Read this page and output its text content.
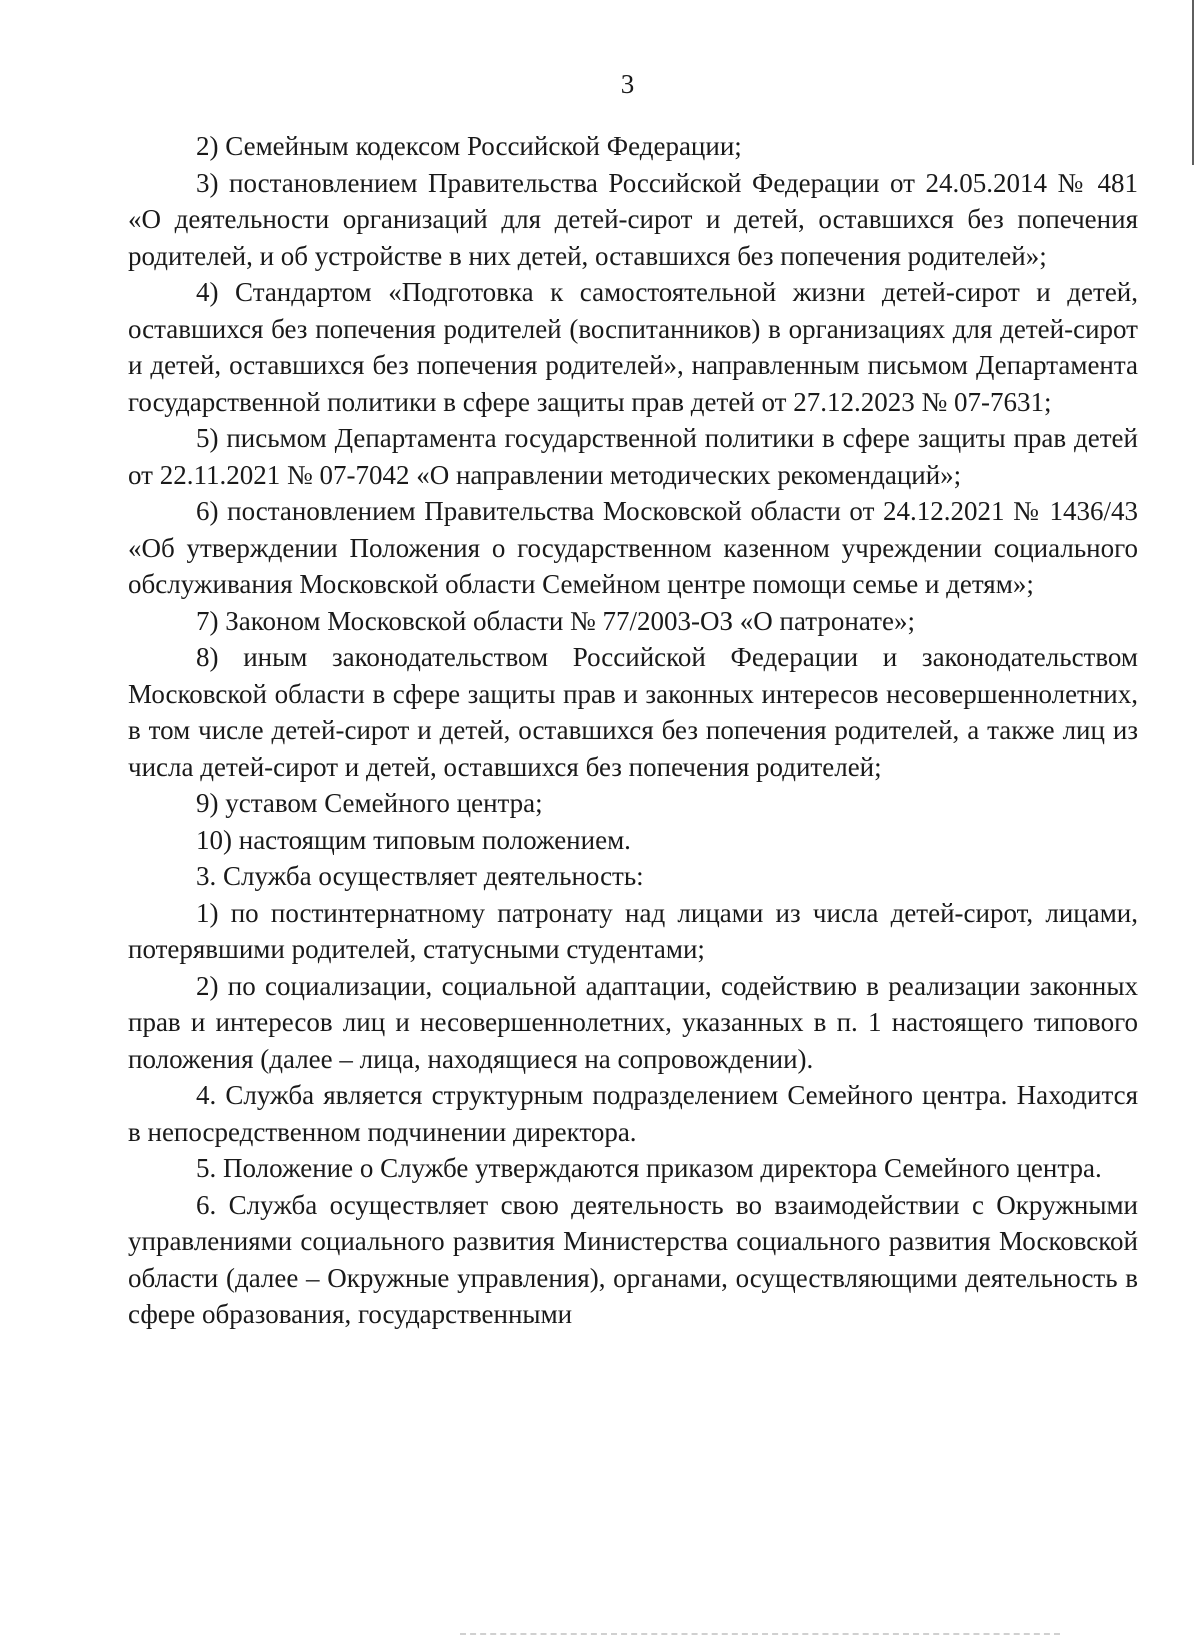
3

2) Семейным кодексом Российской Федерации;

3) постановлением Правительства Российской Федерации от 24.05.2014 № 481 «О деятельности организаций для детей-сирот и детей, оставшихся без попечения родителей, и об устройстве в них детей, оставшихся без попечения родителей»;

4) Стандартом «Подготовка к самостоятельной жизни детей-сирот и детей, оставшихся без попечения родителей (воспитанников) в организациях для детей-сирот и детей, оставшихся без попечения родителей», направленным письмом Департамента государственной политики в сфере защиты прав детей от 27.12.2023 № 07-7631;

5) письмом Департамента государственной политики в сфере защиты прав детей от 22.11.2021 № 07-7042 «О направлении методических рекомендаций»;

6) постановлением Правительства Московской области от 24.12.2021 № 1436/43 «Об утверждении Положения о государственном казенном учреждении социального обслуживания Московской области Семейном центре помощи семье и детям»;

7) Законом Московской области № 77/2003-ОЗ «О патронате»;

8) иным законодательством Российской Федерации и законодательством Московской области в сфере защиты прав и законных интересов несовершеннолетних, в том числе детей-сирот и детей, оставшихся без попечения родителей, а также лиц из числа детей-сирот и детей, оставшихся без попечения родителей;

9) уставом Семейного центра;

10) настоящим типовым положением.

3. Служба осуществляет деятельность:

1) по постинтернатному патронату над лицами из числа детей-сирот, лицами, потерявшими родителей, статусными студентами;

2) по социализации, социальной адаптации, содействию в реализации законных прав и интересов лиц и несовершеннолетних, указанных в п. 1 настоящего типового положения (далее – лица, находящиеся на сопровождении).

4. Служба является структурным подразделением Семейного центра. Находится в непосредственном подчинении директора.

5. Положение о Службе утверждаются приказом директора Семейного центра.

6. Служба осуществляет свою деятельность во взаимодействии с Окружными управлениями социального развития Министерства социального развития Московской области (далее – Окружные управления), органами, осуществляющими деятельность в сфере образования, государственными
